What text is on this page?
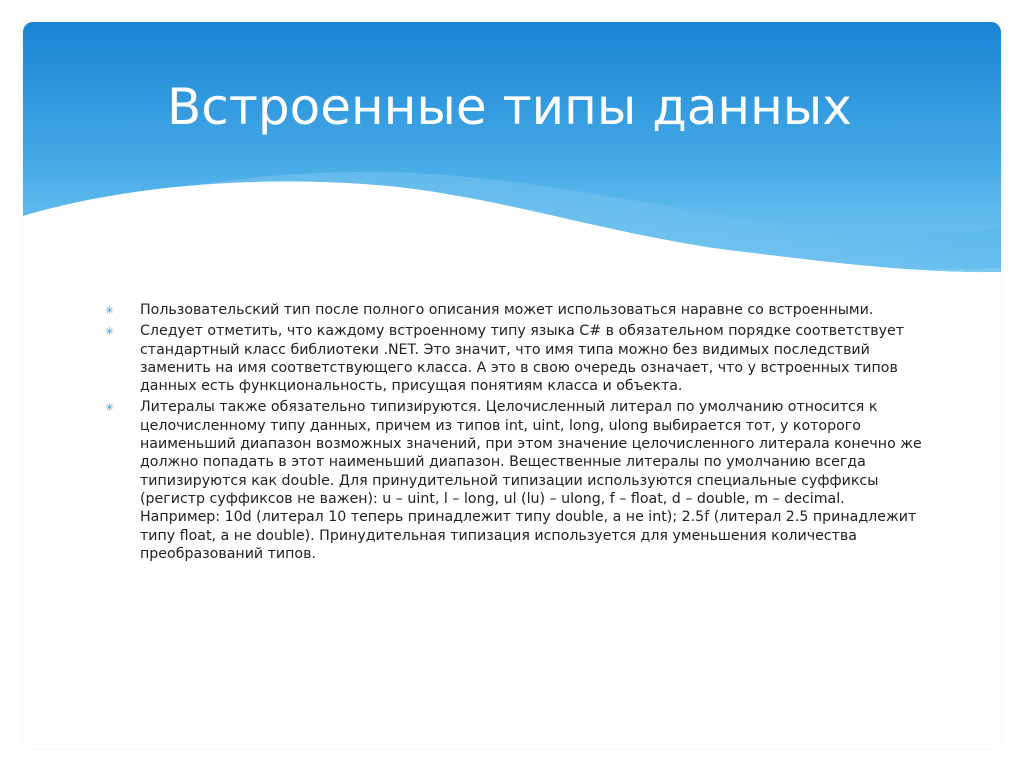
Встроенные типы данных
✳ Пользовательский тип после полного описания может использоваться наравне со встроенными.
✳ Следует отметить, что каждому встроенному типу языка C# в обязательном порядке соответствует стандартный класс библиотеки .NET. Это значит, что имя типа можно без видимых последствий заменить на имя соответствующего класса. А это в свою очередь означает, что у встроенных типов данных есть функциональность, присущая понятиям класса и объекта.
✳ Литералы также обязательно типизируются. Целочисленный литерал по умолчанию относится к целочисленному типу данных, причем из типов int, uint, long, ulong выбирается тот, у которого наименьший диапазон возможных значений, при этом значение целочисленного литерала конечно же должно попадать в этот наименьший диапазон. Вещественные литералы по умолчанию всегда типизируются как double. Для принудительной типизации используются специальные суффиксы (регистр суффиксов не важен): u – uint, l – long, ul (lu) – ulong, f – float, d – double, m – decimal. Например: 10d (литерал 10 теперь принадлежит типу double, а не int); 2.5f (литерал 2.5 принадлежит типу float, а не double). Принудительная типизация используется для уменьшения количества преобразований типов.
